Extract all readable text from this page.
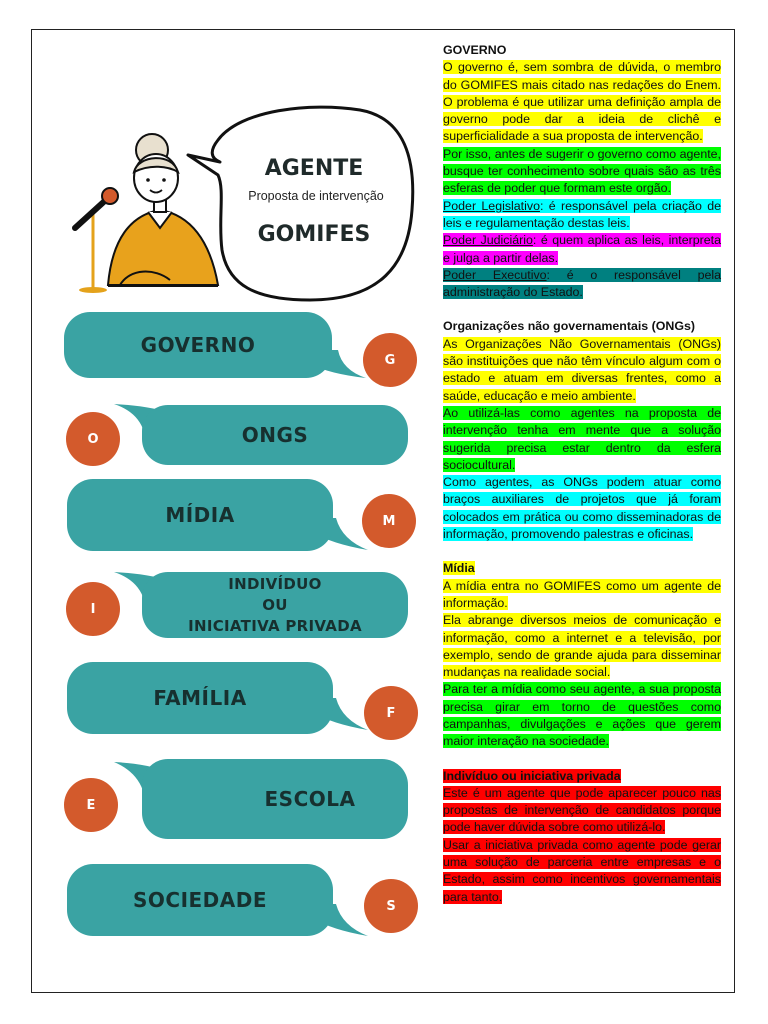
AGENTE
Proposta de intervenção
GOMIFES
GOVERNO
G
ONGS
O
MÍDIA	M
INDIVÍDUO
OU
INICIATIVA PRIVADA
I
FAMÍLIA
F
ESCOLA
E
SOCIEDADE	S
GOVERNO

O governo é, sem sombra de dúvida, o membro do GOMIFES mais citado nas redações do Enem. O problema é que utilizar uma definição ampla de governo pode dar a ideia de clichê e superficialidade a sua proposta de intervenção.

Por isso, antes de sugerir o governo como agente, busque ter conhecimento sobre quais são as três esferas de poder que formam este orgão.

Poder Legislativo: é responsável pela criação de leis e regulamentação destas leis.

Poder Judiciário: é quem aplica as leis, interpreta e julga a partir delas.

Poder Executivo: é o responsável pela administração do Estado.

Organizações não governamentais (ONGs)

As Organizações Não Governamentais (ONGs) são instituições que não têm vínculo algum com o estado e atuam em diversas frentes, como a saúde, educação e meio ambiente.

Ao utilizá-las como agentes na proposta de intervenção tenha em mente que a solução sugerida precisa estar dentro da esfera sociocultural.

Como agentes, as ONGs podem atuar como braços auxiliares de projetos que já foram colocados em prática ou como disseminadoras de informação, promovendo palestras e oficinas.

Mídia

A mídia entra no GOMIFES como um agente de informação.

Ela abrange diversos meios de comunicação e informação, como a internet e a televisão, por exemplo, sendo de grande ajuda para disseminar mudanças na realidade social.

Para ter a mídia como seu agente, a sua proposta precisa girar em torno de questões como campanhas, divulgações e ações que gerem maior interação na sociedade.

Indivíduo ou iniciativa privada

Este é um agente que pode aparecer pouco nas propostas de intervenção de candidatos porque pode haver dúvida sobre como utilizá-lo.

Usar a iniciativa privada como agente pode gerar uma solução de parceria entre empresas e o Estado, assim como incentivos governamentais para tanto.
